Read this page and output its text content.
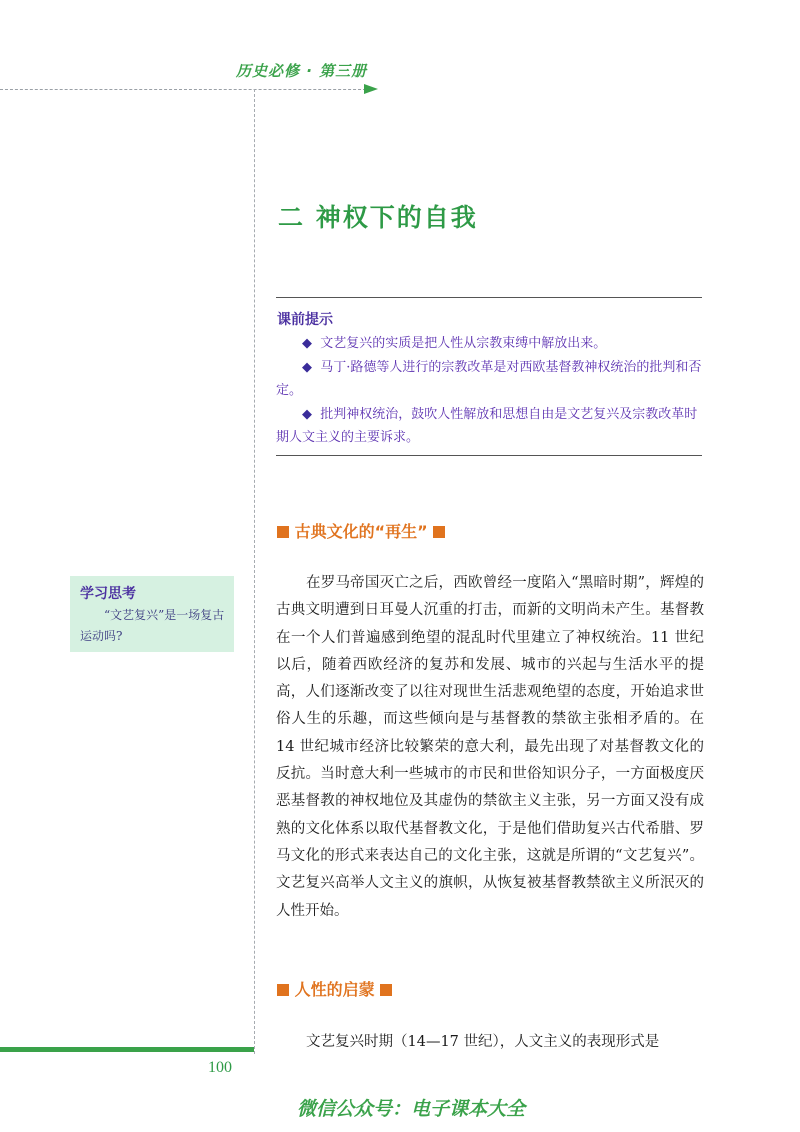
历史必修 · 第三册
二 神权下的自我
课前提示

◆ 文艺复兴的实质是把人性从宗教束缚中解放出来。

◆ 马丁·路德等人进行的宗教改革是对西欧基督教神权统治的批判和否定。

◆ 批判神权统治，鼓吹人性解放和思想自由是文艺复兴及宗教改革时期人文主义的主要诉求。

古典文化的“再生”
学习思考

“文艺复兴”是一场复古运动吗?

在罗马帝国灭亡之后，西欧曾经一度陷入“黑暗时期”，辉煌的古典文明遭到日耳曼人沉重的打击，而新的文明尚未产生。基督教在一个人们普遍感到绝望的混乱时代里建立了神权统治。11 世纪以后，随着西欧经济的复苏和发展、城市的兴起与生活水平的提高，人们逐渐改变了以往对现世生活悲观绝望的态度，开始追求世俗人生的乐趣，而这些倾向是与基督教的禁欲主张相矛盾的。在 14 世纪城市经济比较繁荣的意大利，最先出现了对基督教文化的反抗。当时意大利一些城市的市民和世俗知识分子，一方面极度厌恶基督教的神权地位及其虚伪的禁欲主义主张，另一方面又没有成熟的文化体系以取代基督教文化，于是他们借助复兴古代希腊、罗马文化的形式来表达自己的文化主张，这就是所谓的“文艺复兴”。文艺复兴高举人文主义的旗帜，从恢复被基督教禁欲主义所泯灭的人性开始。

人性的启蒙

文艺复兴时期（14—17 世纪），人文主义的表现形式是

100
微信公众号：电子课本大全
